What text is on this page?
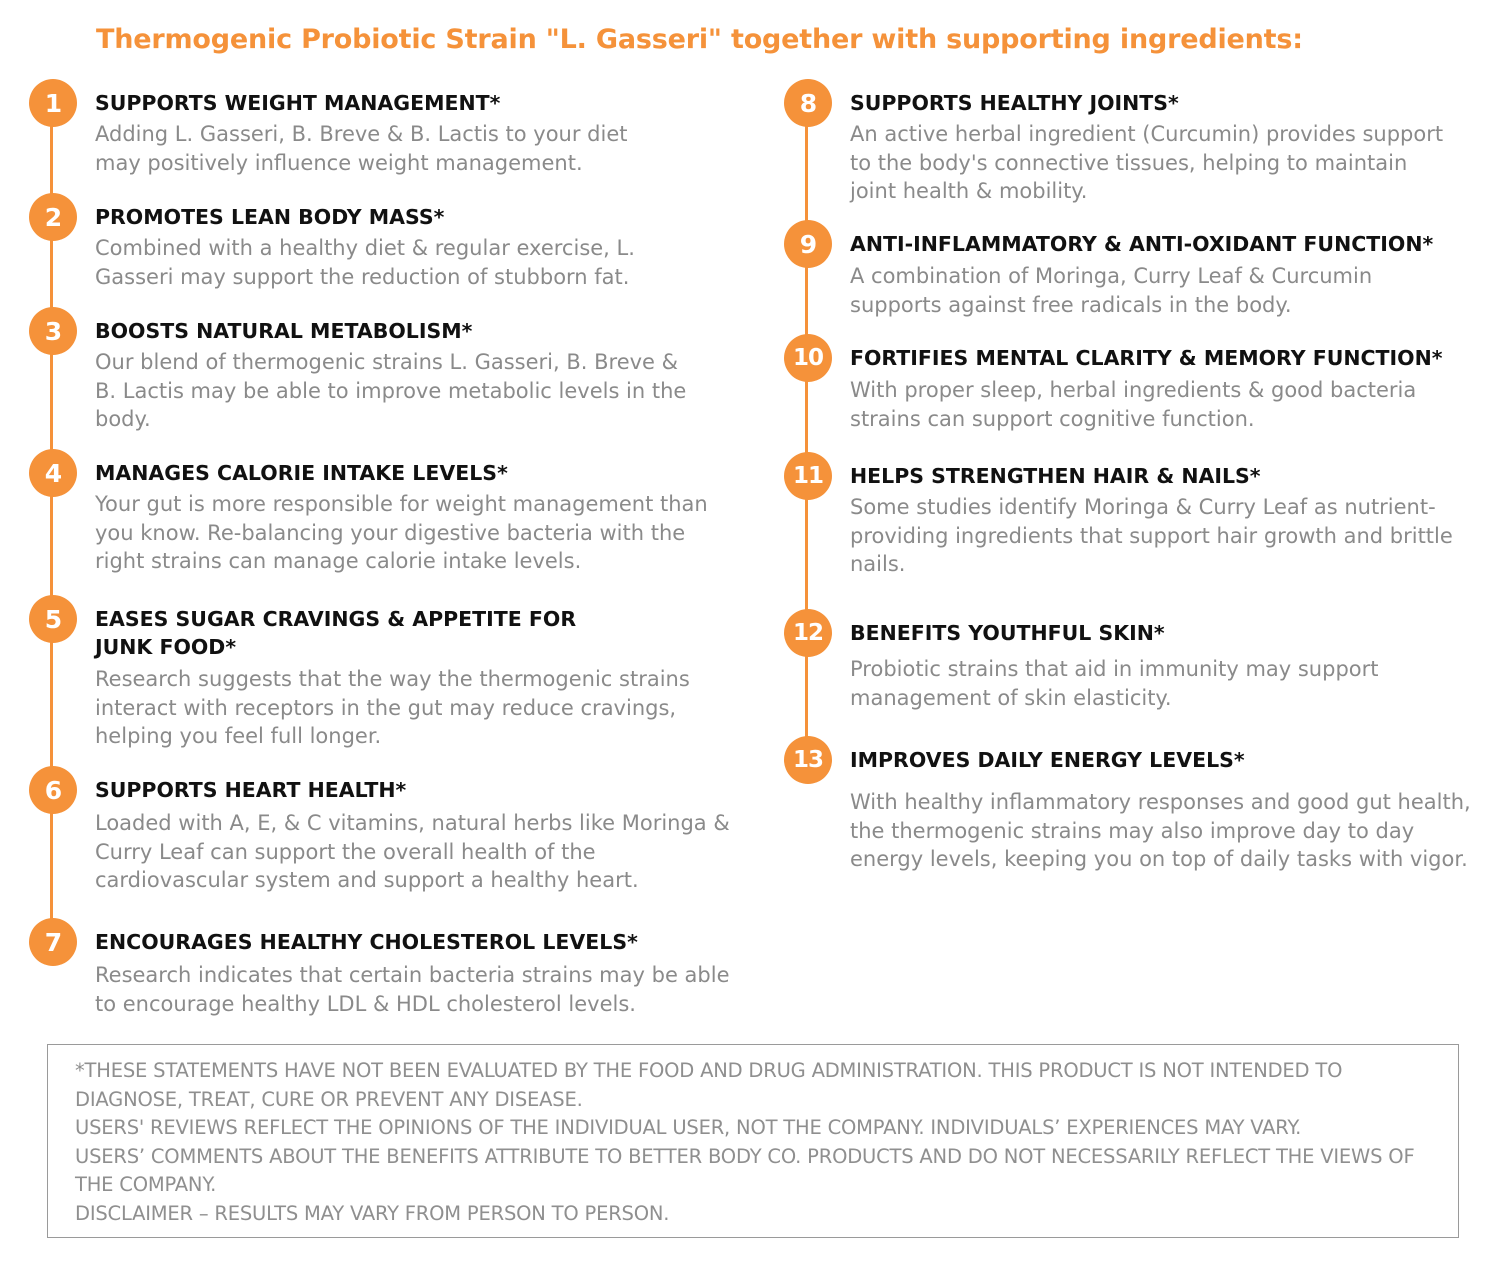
Thermogenic Probiotic Strain "L. Gasseri" together with supporting ingredients:
1	SUPPORTS WEIGHT MANAGEMENT*
Adding L. Gasseri, B. Breve & B. Lactis to your diet may positively influence weight management.
2	PROMOTES LEAN BODY MASS*
Combined with a healthy diet & regular exercise, L. Gasseri may support the reduction of stubborn fat.
3	BOOSTS NATURAL METABOLISM*
Our blend of thermogenic strains L. Gasseri, B. Breve & B. Lactis may be able to improve metabolic levels in the body.
4	MANAGES CALORIE INTAKE LEVELS*
Your gut is more responsible for weight management than you know. Re-balancing your digestive bacteria with the right strains can manage calorie intake levels.
5	EASES SUGAR CRAVINGS & APPETITE FOR JUNK FOOD*
Research suggests that the way the thermogenic strains interact with receptors in the gut may reduce cravings, helping you feel full longer.
6	SUPPORTS HEART HEALTH*
Loaded with A, E, & C vitamins, natural herbs like Moringa & Curry Leaf can support the overall health of the cardiovascular system and support a healthy heart.
7	ENCOURAGES HEALTHY CHOLESTEROL LEVELS*
Research indicates that certain bacteria strains may be able to encourage healthy LDL & HDL cholesterol levels.
8	SUPPORTS HEALTHY JOINTS*
An active herbal ingredient (Curcumin) provides support to the body's connective tissues, helping to maintain joint health & mobility.
9	ANTI-INFLAMMATORY & ANTI-OXIDANT FUNCTION*
A combination of Moringa, Curry Leaf & Curcumin supports against free radicals in the body.
10	FORTIFIES MENTAL CLARITY & MEMORY FUNCTION*
With proper sleep, herbal ingredients & good bacteria strains can support cognitive function.
11	HELPS STRENGTHEN HAIR & NAILS*
Some studies identify Moringa & Curry Leaf as nutrient-providing ingredients that support hair growth and brittle nails.
12	BENEFITS YOUTHFUL SKIN*
Probiotic strains that aid in immunity may support management of skin elasticity.
13	IMPROVES DAILY ENERGY LEVELS*
With healthy inflammatory responses and good gut health, the thermogenic strains may also improve day to day energy levels, keeping you on top of daily tasks with vigor.
*THESE STATEMENTS HAVE NOT BEEN EVALUATED BY THE FOOD AND DRUG ADMINISTRATION. THIS PRODUCT IS NOT INTENDED TO DIAGNOSE, TREAT, CURE OR PREVENT ANY DISEASE.
USERS' REVIEWS REFLECT THE OPINIONS OF THE INDIVIDUAL USER, NOT THE COMPANY. INDIVIDUALS’ EXPERIENCES MAY VARY.
USERS’ COMMENTS ABOUT THE BENEFITS ATTRIBUTE TO BETTER BODY CO. PRODUCTS AND DO NOT NECESSARILY REFLECT THE VIEWS OF THE COMPANY.
DISCLAIMER – RESULTS MAY VARY FROM PERSON TO PERSON.
